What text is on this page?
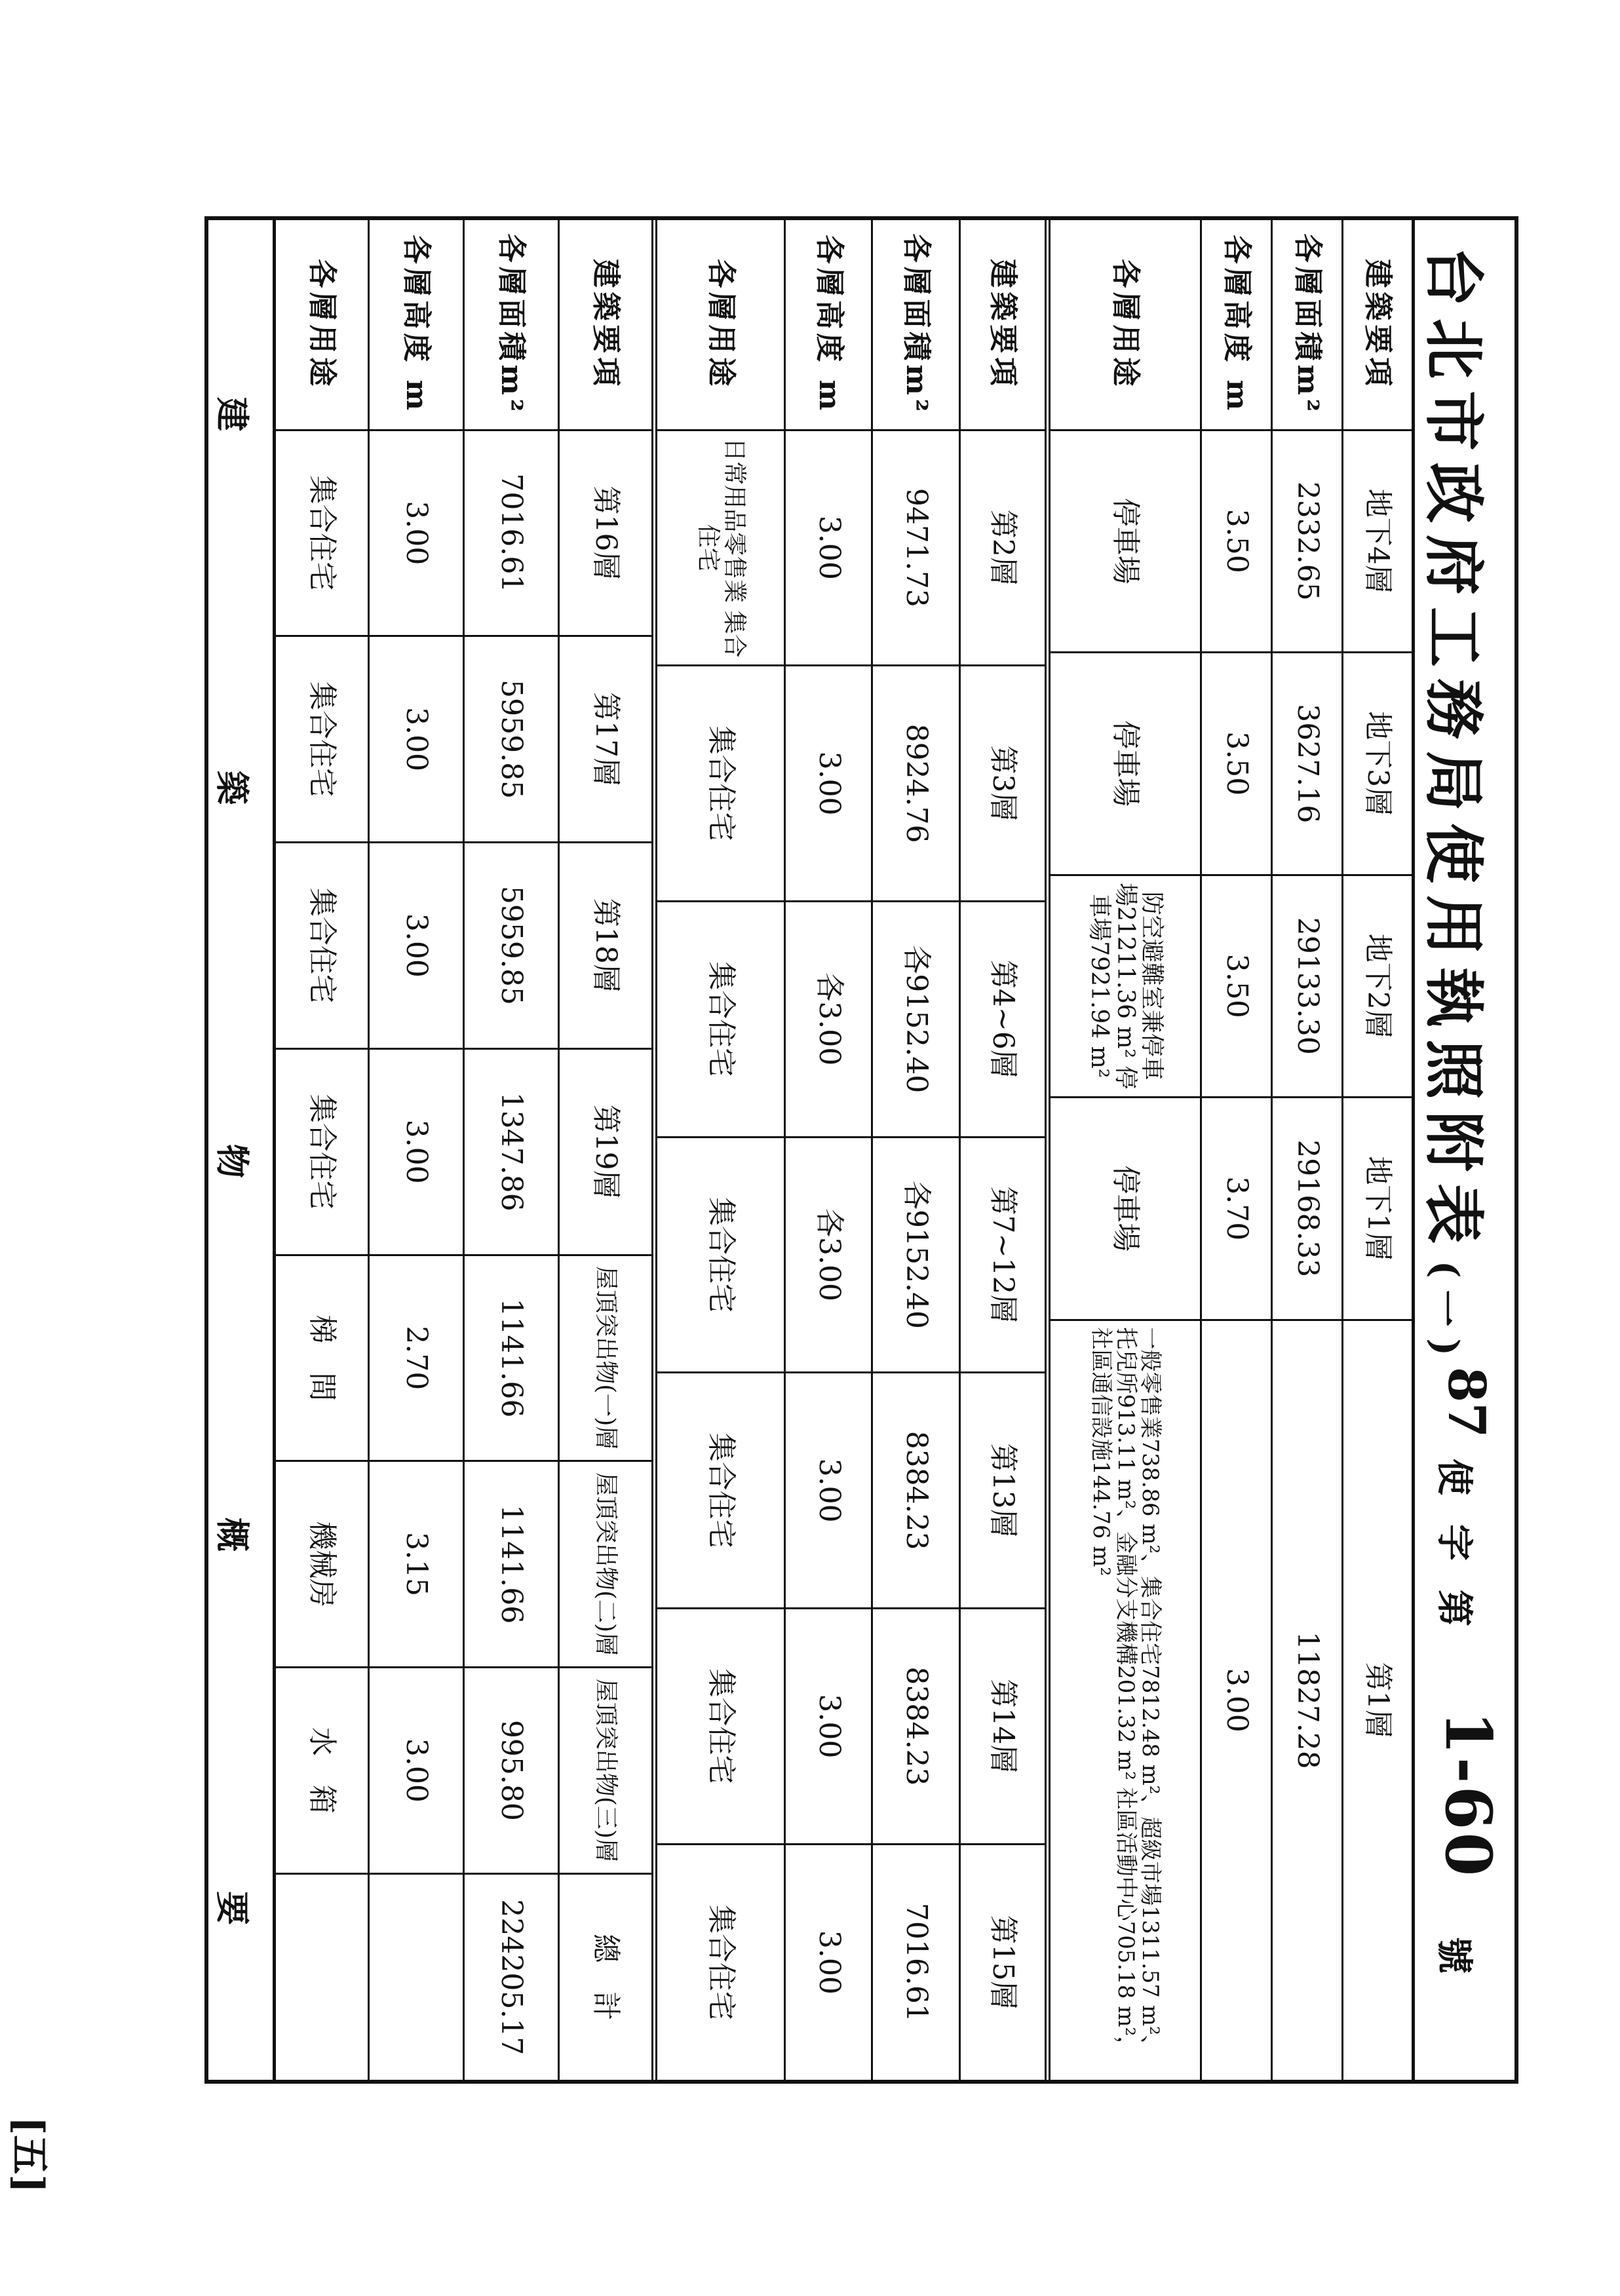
台北市政府工務局使用執照附表(一)
87
使
字
第
1-60
號
建築要項	地下4層	地下3層	地下2層	地下1層	第1層
各層面積m²	2332.65	3627.16	29133.30	29168.33	11827.28
各層高度 m	3.50	3.50	3.50	3.70	3.00
各層用途	停車場	停車場	防空避難室兼停車場21211.36 m² 停車場7921.94 m²	停車場	一般零售業738.86 m²、集合住宅7812.48 m²、超級市場1311.57 m²、托兒所913.11 m²、金融分支機構201.32 m² 社區活動中心705.18 m²，社區通信設施144.76 m²
建築要項	第2層	第3層	第4~6層	第7~12層	第13層	第14層	第15層
各層面積m²	9471.73	8924.76	各9152.40	各9152.40	8384.23	8384.23	7016.61
各層高度 m	3.00	3.00	各3.00	各3.00	3.00	3.00	3.00
各層用途	日常用品零售業 集合住宅	集合住宅	集合住宅	集合住宅	集合住宅	集合住宅	集合住宅
建築要項	第16層	第17層	第18層	第19層	屋頂突出物(一)層	屋頂突出物(二)層	屋頂突出物(三)層	總　計
各層面積m²	7016.61	5959.85	5959.85	1347.86	1141.66	1141.66	995.80	224205.17
各層高度 m	3.00	3.00	3.00	3.00	2.70	3.15	3.00	
各層用途	集合住宅	集合住宅	集合住宅	集合住宅	梯　間	機械房	水　箱	
建
築
物
概
要
[五]
